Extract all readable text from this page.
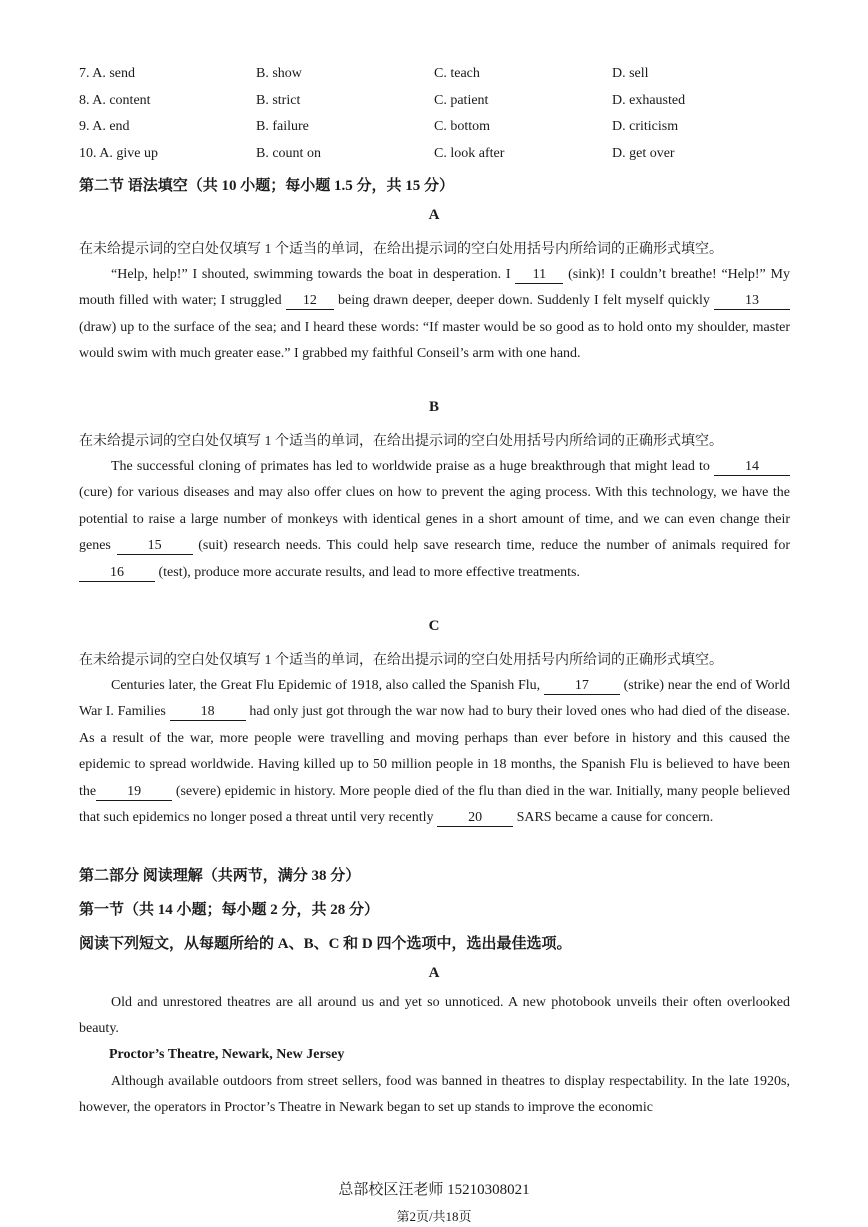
7. A. send	B. show	C. teach	D. sell
8. A. content	B. strict	C. patient	D. exhausted
9. A. end	B. failure	C. bottom	D. criticism
10. A. give up	B. count on	C. look after	D. get over
第二节 语法填空（共 10 小题；每小题 1.5 分，共 15 分）
A
在未给提示词的空白处仅填写 1 个适当的单词，在给出提示词的空白处用括号内所给词的正确形式填空。

“Help, help!” I shouted, swimming towards the boat in desperation. I 11 (sink)! I couldn’t breathe! “Help!” My mouth filled with water; I struggled 12 being drawn deeper, deeper down. Suddenly I felt myself quickly 13 (draw) up to the surface of the sea; and I heard these words: “If master would be so good as to hold onto my shoulder, master would swim with much greater ease.” I grabbed my faithful Conseil’s arm with one hand.

B
在未给提示词的空白处仅填写 1 个适当的单词，在给出提示词的空白处用括号内所给词的正确形式填空。

The successful cloning of primates has led to worldwide praise as a huge breakthrough that might lead to 14 (cure) for various diseases and may also offer clues on how to prevent the aging process. With this technology, we have the potential to raise a large number of monkeys with identical genes in a short amount of time, and we can even change their genes 15 (suit) research needs. This could help save research time, reduce the number of animals required for 16 (test), produce more accurate results, and lead to more effective treatments.

C
在未给提示词的空白处仅填写 1 个适当的单词，在给出提示词的空白处用括号内所给词的正确形式填空。

Centuries later, the Great Flu Epidemic of 1918, also called the Spanish Flu, 17 (strike) near the end of World War I. Families 18 had only just got through the war now had to bury their loved ones who had died of the disease. As a result of the war, more people were travelling and moving perhaps than ever before in history and this caused the epidemic to spread worldwide. Having killed up to 50 million people in 18 months, the Spanish Flu is believed to have been the 19 (severe) epidemic in history. More people died of the flu than died in the war. Initially, many people believed that such epidemics no longer posed a threat until very recently 20 SARS became a cause for concern.

第二部分 阅读理解（共两节，满分 38 分）
第一节（共 14 小题；每小题 2 分，共 28 分）
阅读下列短文，从每题所给的 A、B、C 和 D 四个选项中，选出最佳选项。
A

Old and unrestored theatres are all around us and yet so unnoticed. A new photobook unveils their often overlooked beauty.

Proctor’s Theatre, Newark, New Jersey

Although available outdoors from street sellers, food was banned in theatres to display respectability. In the late 1920s, however, the operators in Proctor’s Theatre in Newark began to set up stands to improve the economic

总部校区汪老师 15210308021
第2页/共18页
